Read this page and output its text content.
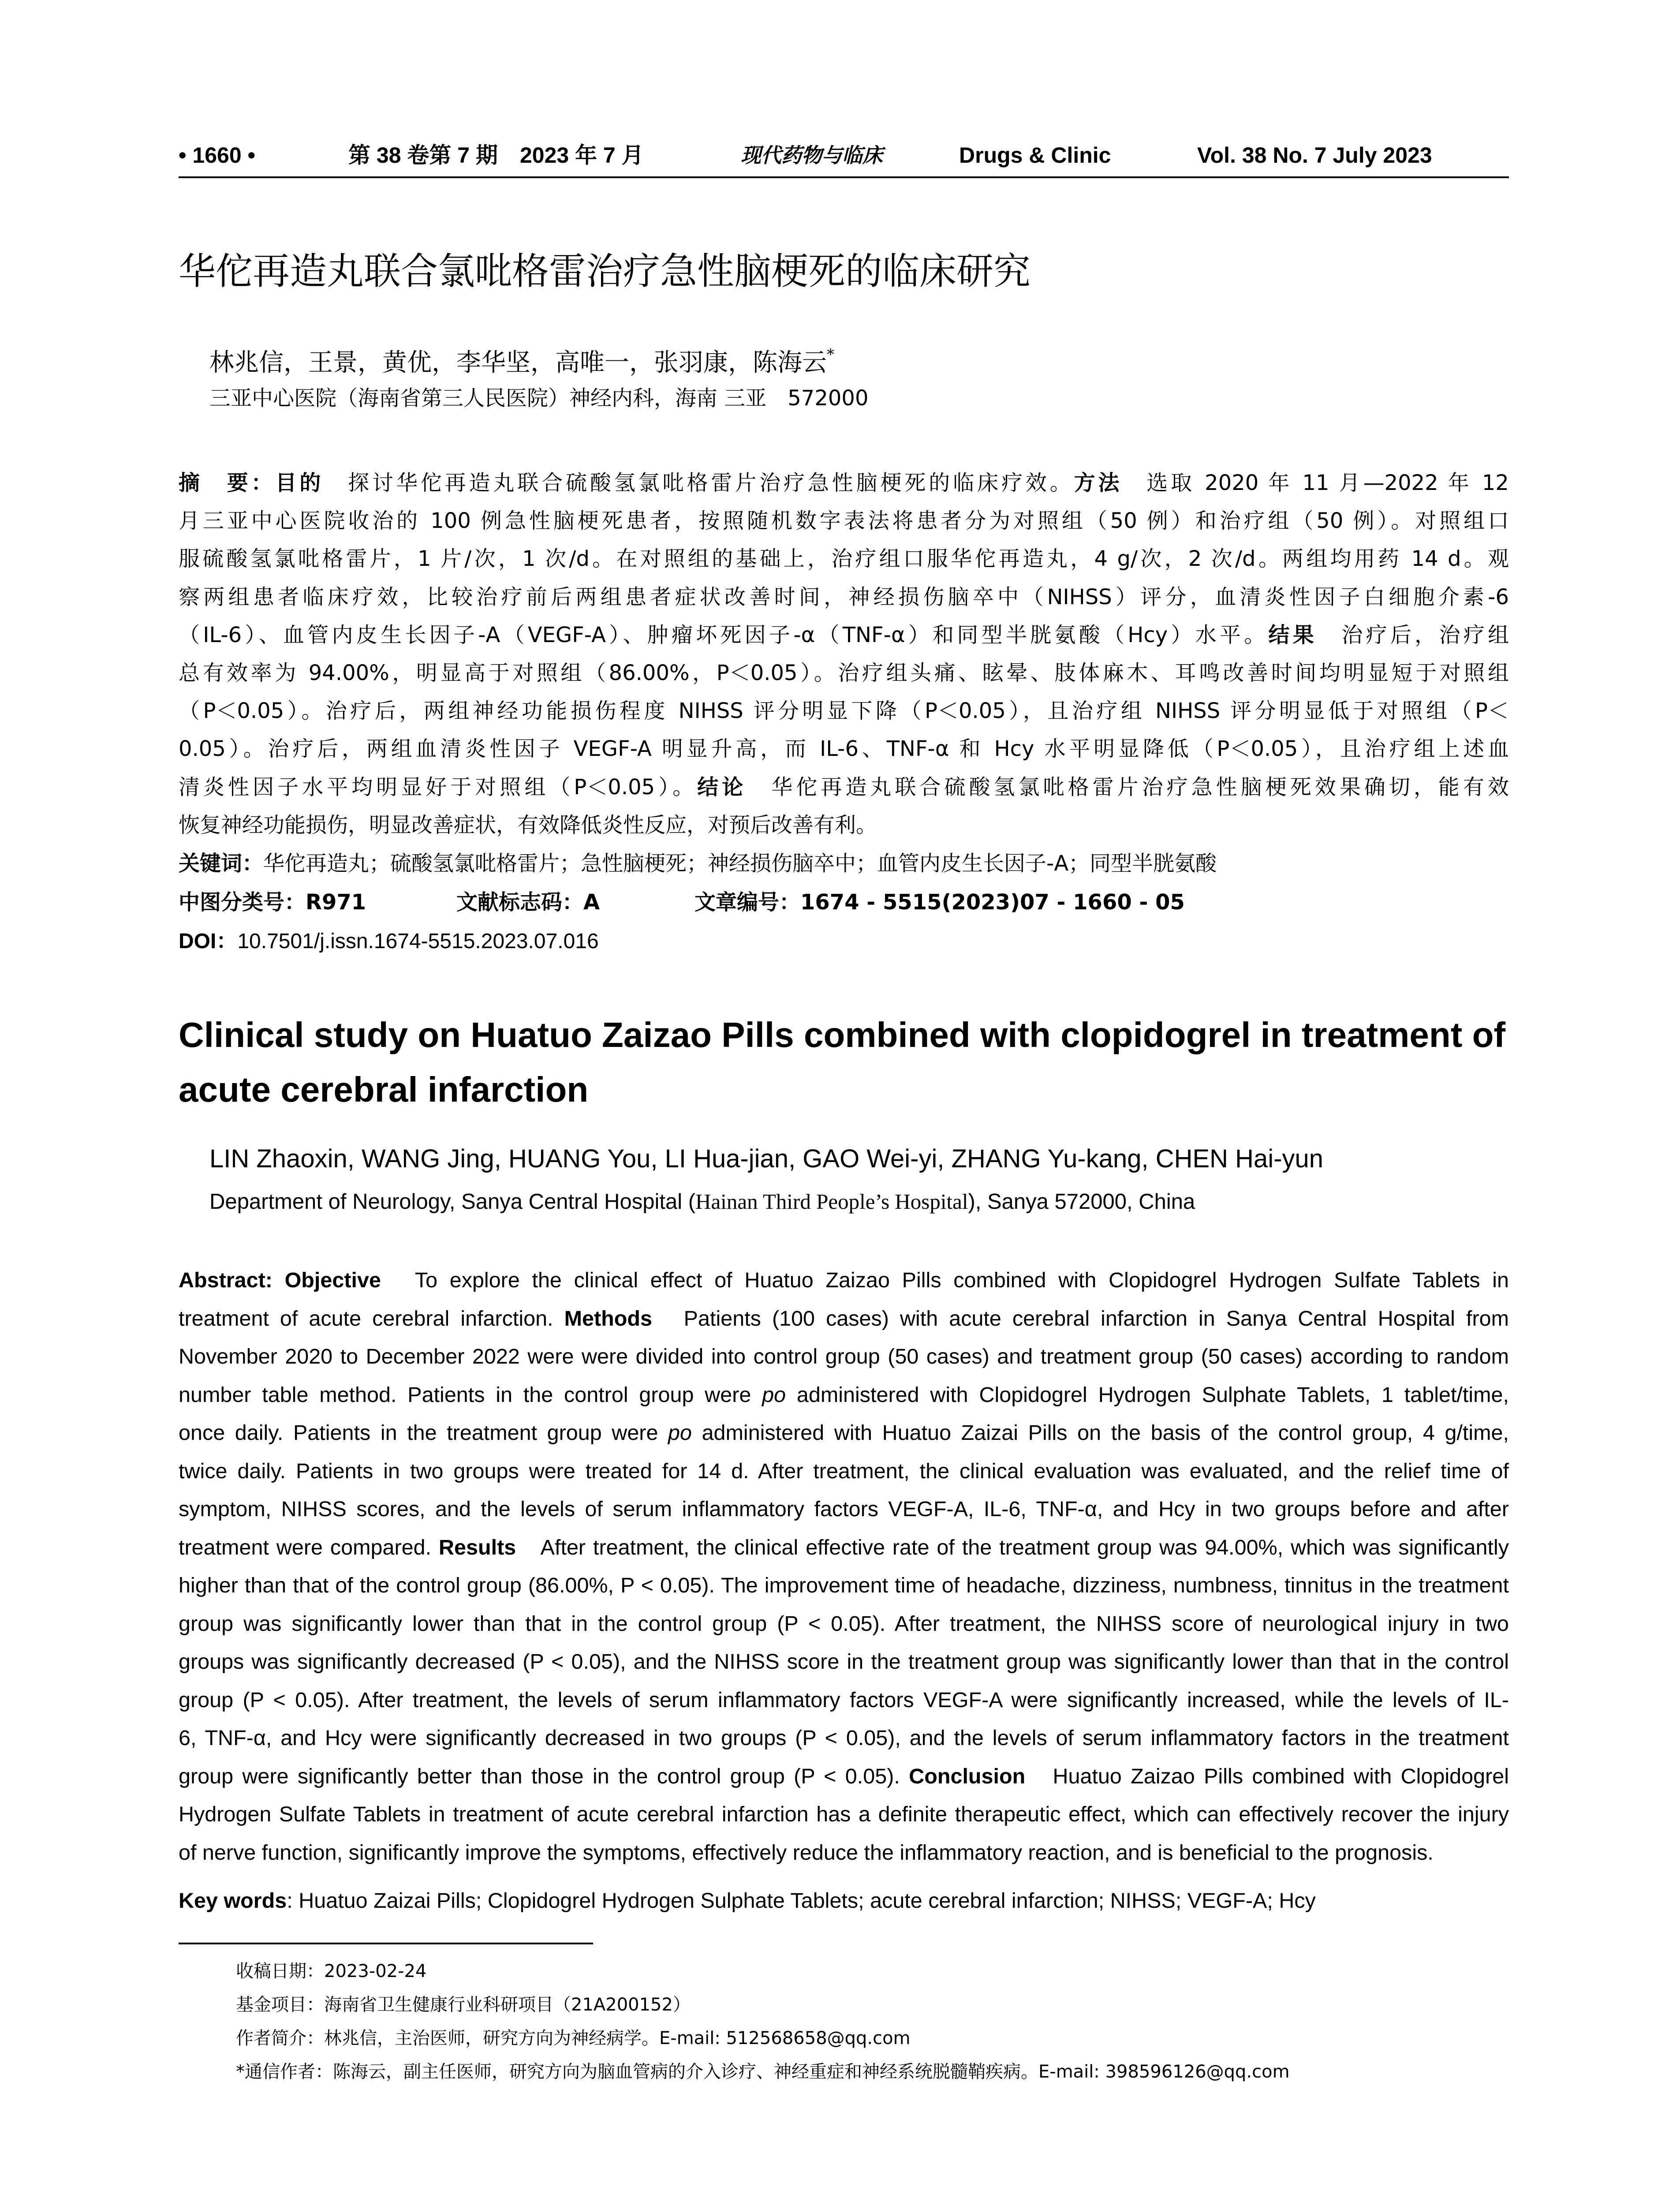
• 1660 •	第 38 卷第 7 期　2023 年 7 月	现代药物与临床	Drugs & Clinic	Vol. 38 No. 7 July 2023
华佗再造丸联合氯吡格雷治疗急性脑梗死的临床研究
林兆信，王景，黄优，李华坚，高唯一，张羽康，陈海云*
三亚中心医院（海南省第三人民医院）神经内科，海南 三亚　572000
摘　要：目的　探讨华佗再造丸联合硫酸氢氯吡格雷片治疗急性脑梗死的临床疗效。方法　选取 2020 年 11 月—2022 年 12
月三亚中心医院收治的 100 例急性脑梗死患者，按照随机数字表法将患者分为对照组（50 例）和治疗组（50 例）。对照组口
服硫酸氢氯吡格雷片，1 片/次，1 次/d。在对照组的基础上，治疗组口服华佗再造丸，4 g/次，2 次/d。两组均用药 14 d。观
察两组患者临床疗效，比较治疗前后两组患者症状改善时间，神经损伤脑卒中（NIHSS）评分，血清炎性因子白细胞介素-6
（IL-6）、血管内皮生长因子-A（VEGF-A）、肿瘤坏死因子-α（TNF-α）和同型半胱氨酸（Hcy）水平。结果　治疗后，治疗组
总有效率为 94.00%，明显高于对照组（86.00%，P＜0.05）。治疗组头痛、眩晕、肢体麻木、耳鸣改善时间均明显短于对照组
（P＜0.05）。治疗后，两组神经功能损伤程度 NIHSS 评分明显下降（P＜0.05），且治疗组 NIHSS 评分明显低于对照组（P＜
0.05）。治疗后，两组血清炎性因子 VEGF-A 明显升高，而 IL-6、TNF-α 和 Hcy 水平明显降低（P＜0.05），且治疗组上述血
清炎性因子水平均明显好于对照组（P＜0.05）。结论　华佗再造丸联合硫酸氢氯吡格雷片治疗急性脑梗死效果确切，能有效
恢复神经功能损伤，明显改善症状，有效降低炎性反应，对预后改善有利。
关键词：华佗再造丸；硫酸氢氯吡格雷片；急性脑梗死；神经损伤脑卒中；血管内皮生长因子-A；同型半胱氨酸
中图分类号：R971	文献标志码：A	文章编号：1674 - 5515(2023)07 - 1660 - 05
DOI：10.7501/j.issn.1674-5515.2023.07.016
Clinical study on Huatuo Zaizao Pills combined with clopidogrel in treatment of acute cerebral infarction
LIN Zhaoxin, WANG Jing, HUANG You, LI Hua-jian, GAO Wei-yi, ZHANG Yu-kang, CHEN Hai-yun
Department of Neurology, Sanya Central Hospital (Hainan Third People’s Hospital), Sanya 572000, China
Abstract: Objective　To explore the clinical effect of Huatuo Zaizao Pills combined with Clopidogrel Hydrogen Sulfate Tablets in
treatment of acute cerebral infarction. Methods　Patients (100 cases) with acute cerebral infarction in Sanya Central Hospital from
November 2020 to December 2022 were were divided into control group (50 cases) and treatment group (50 cases) according to random
number table method. Patients in the control group were po administered with Clopidogrel Hydrogen Sulphate Tablets, 1 tablet/time,
once daily. Patients in the treatment group were po administered with Huatuo Zaizai Pills on the basis of the control group, 4 g/time,
twice daily. Patients in two groups were treated for 14 d. After treatment, the clinical evaluation was evaluated, and the relief time of
symptom, NIHSS scores, and the levels of serum inflammatory factors VEGF-A, IL-6, TNF-α, and Hcy in two groups before and after
treatment were compared. Results　After treatment, the clinical effective rate of the treatment group was 94.00%, which was significantly
higher than that of the control group (86.00%, P < 0.05). The improvement time of headache, dizziness, numbness, tinnitus in the treatment
group was significantly lower than that in the control group (P < 0.05). After treatment, the NIHSS score of neurological injury in two
groups was significantly decreased (P < 0.05), and the NIHSS score in the treatment group was significantly lower than that in the control
group (P < 0.05). After treatment, the levels of serum inflammatory factors VEGF-A were significantly increased, while the levels of IL-
6, TNF-α, and Hcy were significantly decreased in two groups (P < 0.05), and the levels of serum inflammatory factors in the treatment
group were significantly better than those in the control group (P < 0.05). Conclusion　Huatuo Zaizao Pills combined with Clopidogrel
Hydrogen Sulfate Tablets in treatment of acute cerebral infarction has a definite therapeutic effect, which can effectively recover the injury
of nerve function, significantly improve the symptoms, effectively reduce the inflammatory reaction, and is beneficial to the prognosis.
Key words: Huatuo Zaizai Pills; Clopidogrel Hydrogen Sulphate Tablets; acute cerebral infarction; NIHSS; VEGF-A; Hcy
收稿日期：2023-02-24
基金项目：海南省卫生健康行业科研项目（21A200152）
作者简介：林兆信，主治医师，研究方向为神经病学。E-mail: 512568658@qq.com
*通信作者：陈海云，副主任医师，研究方向为脑血管病的介入诊疗、神经重症和神经系统脱髓鞘疾病。E-mail: 398596126@qq.com
